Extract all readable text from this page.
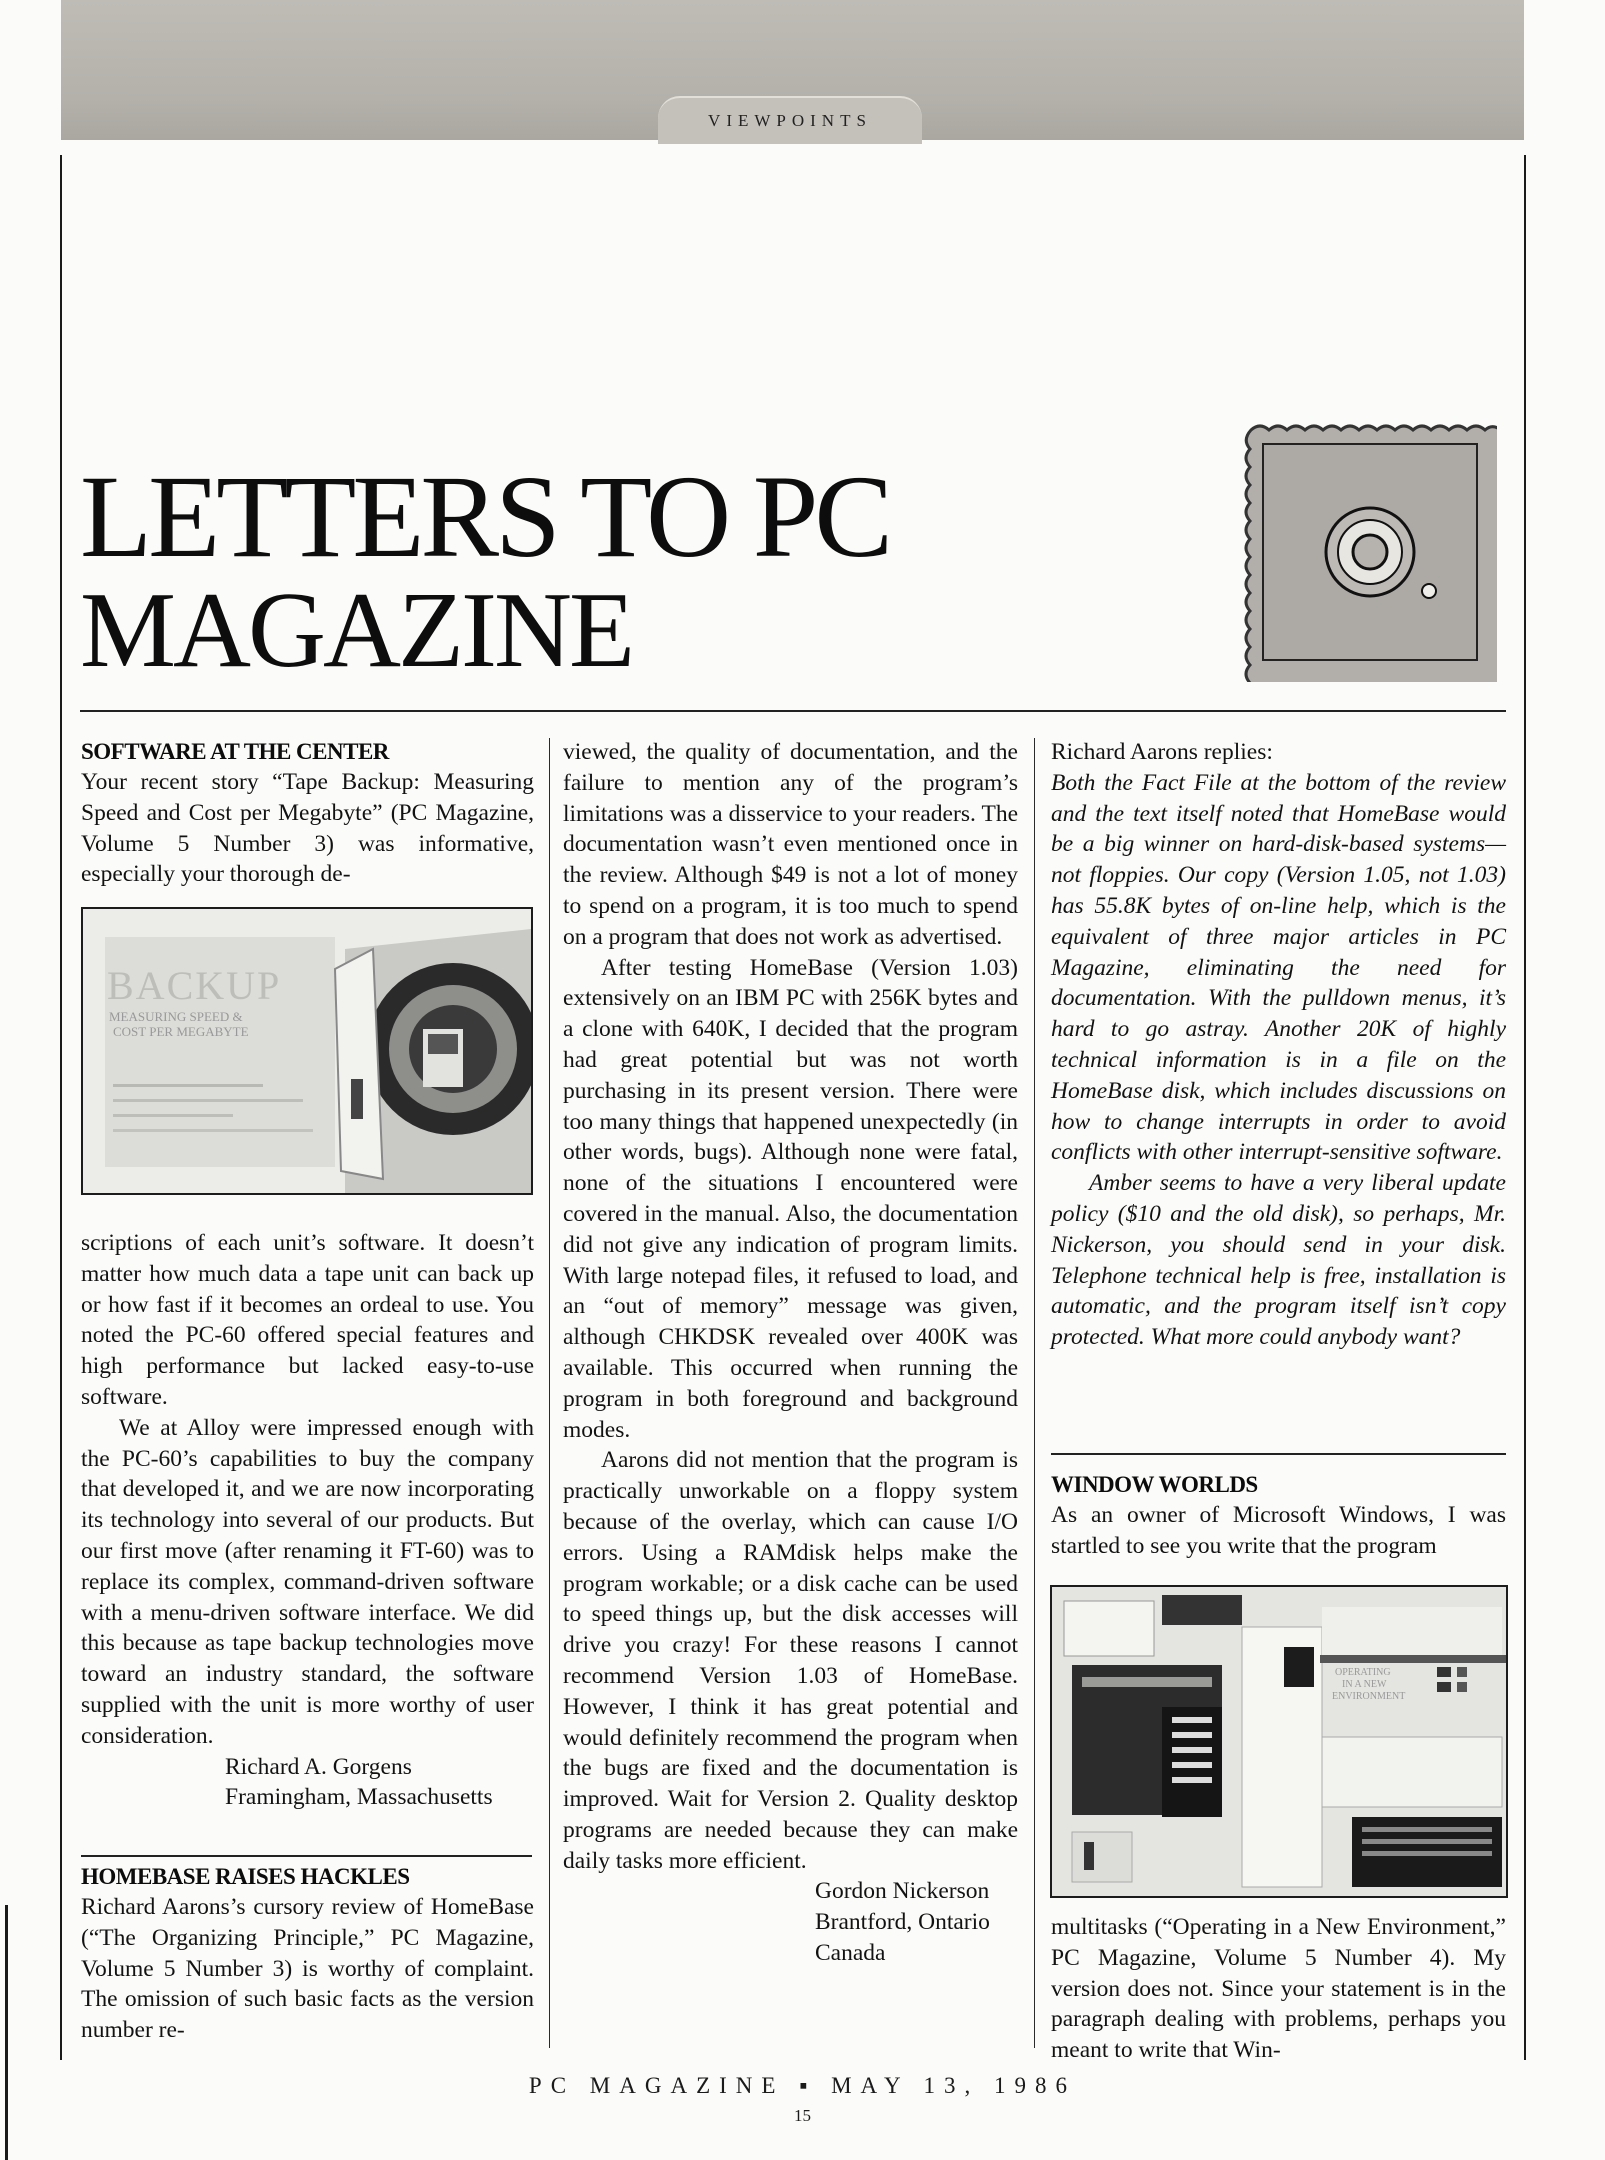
VIEWPOINTS
LETTERS TO PC
MAGAZINE

SOFTWARE AT THE CENTER

Your recent story “Tape Backup: Measuring Speed and Cost per Megabyte” (PC Magazine, Volume 5 Number 3) was informative, especially your thorough de-

BACKUP
MEASURING SPEED &
COST PER MEGABYTE

scriptions of each unit’s software. It doesn’t matter how much data a tape unit can back up or how fast if it becomes an ordeal to use. You noted the PC-60 offered special features and high performance but lacked easy-to-use software.

We at Alloy were impressed enough with the PC-60’s capabilities to buy the company that developed it, and we are now incorporating its technology into several of our products. But our first move (after renaming it FT-60) was to replace its complex, command-driven software with a menu-driven software interface. We did this because as tape backup technologies move toward an industry standard, the software supplied with the unit is more worthy of user consideration.

Richard A. Gorgens

Framingham, Massachusetts

HOMEBASE RAISES HACKLES

Richard Aarons’s cursory review of HomeBase (“The Organizing Principle,” PC Magazine, Volume 5 Number 3) is worthy of complaint. The omission of such basic facts as the version number re-

viewed, the quality of documentation, and the failure to mention any of the program’s limitations was a disservice to your readers. The documentation wasn’t even mentioned once in the review. Although $49 is not a lot of money to spend on a program, it is too much to spend on a program that does not work as advertised.

After testing HomeBase (Version 1.03) extensively on an IBM PC with 256K bytes and a clone with 640K, I decided that the program had great potential but was not worth purchasing in its present version. There were too many things that happened unexpectedly (in other words, bugs). Although none were fatal, none of the situations I encountered were covered in the manual. Also, the documentation did not give any indication of program limits. With large notepad files, it refused to load, and an “out of memory” message was given, although CHKDSK revealed over 400K was available. This occurred when running the program in both foreground and background modes.

Aarons did not mention that the program is practically unworkable on a floppy system because of the overlay, which can cause I/O errors. Using a RAMdisk helps make the program workable; or a disk cache can be used to speed things up, but the disk accesses will drive you crazy! For these reasons I cannot recommend Version 1.03 of HomeBase. However, I think it has great potential and would definitely recommend the program when the bugs are fixed and the documentation is improved. Wait for Version 2. Quality desktop programs are needed because they can make daily tasks more efficient.

Gordon Nickerson

Brantford, Ontario

Canada

Richard Aarons replies:

Both the Fact File at the bottom of the review and the text itself noted that HomeBase would be a big winner on hard-disk-based systems—not floppies. Our copy (Version 1.05, not 1.03) has 55.8K bytes of on-line help, which is the equivalent of three major articles in PC Magazine, eliminating the need for documentation. With the pulldown menus, it’s hard to go astray. Another 20K of highly technical information is in a file on the HomeBase disk, which includes discussions on how to change interrupts in order to avoid conflicts with other interrupt-sensitive software.

Amber seems to have a very liberal update policy ($10 and the old disk), so perhaps, Mr. Nickerson, you should send in your disk. Telephone technical help is free, installation is automatic, and the program itself isn’t copy protected. What more could anybody want?

WINDOW WORLDS

As an owner of Microsoft Windows, I was startled to see you write that the program

OPERATING
IN A NEW
ENVIRONMENT

multitasks (“Operating in a New Environment,” PC Magazine, Volume 5 Number 4). My version does not. Since your statement is in the paragraph dealing with problems, perhaps you meant to write that Win-

PC MAGAZINE ▪ MAY 13, 1986
15
